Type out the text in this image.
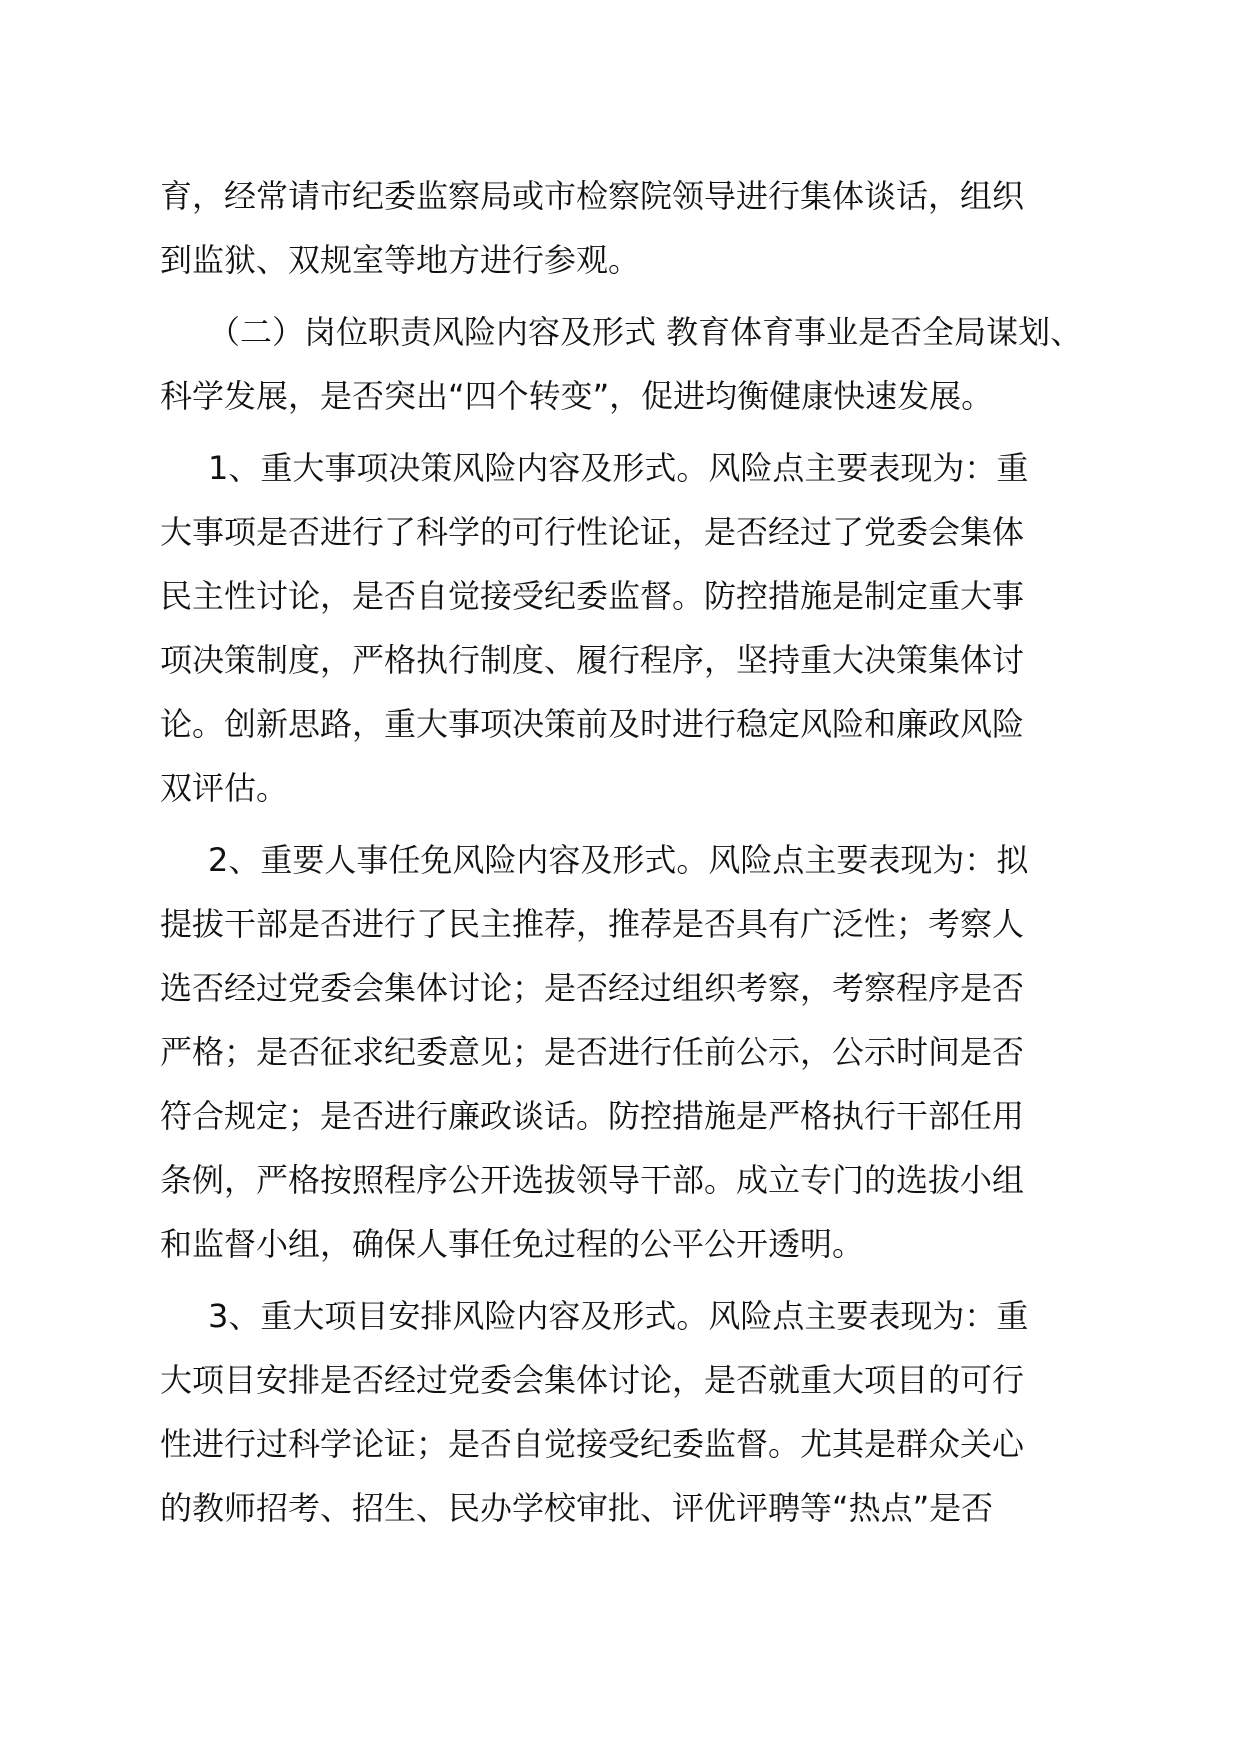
育，经常请市纪委监察局或市检察院领导进行集体谈话，组织
到监狱、双规室等地方进行参观。

（二）岗位职责风险内容及形式 教育体育事业是否全局谋划、
科学发展，是否突出“四个转变”，促进均衡健康快速发展。

1、重大事项决策风险内容及形式。风险点主要表现为：重
大事项是否进行了科学的可行性论证，是否经过了党委会集体
民主性讨论，是否自觉接受纪委监督。防控措施是制定重大事
项决策制度，严格执行制度、履行程序，坚持重大决策集体讨
论。创新思路，重大事项决策前及时进行稳定风险和廉政风险
双评估。

2、重要人事任免风险内容及形式。风险点主要表现为：拟
提拔干部是否进行了民主推荐，推荐是否具有广泛性；考察人
选否经过党委会集体讨论；是否经过组织考察，考察程序是否
严格；是否征求纪委意见；是否进行任前公示，公示时间是否
符合规定；是否进行廉政谈话。防控措施是严格执行干部任用
条例，严格按照程序公开选拔领导干部。成立专门的选拔小组
和监督小组，确保人事任免过程的公平公开透明。

3、重大项目安排风险内容及形式。风险点主要表现为：重
大项目安排是否经过党委会集体讨论，是否就重大项目的可行
性进行过科学论证；是否自觉接受纪委监督。尤其是群众关心
的教师招考、招生、民办学校审批、评优评聘等“热点”是否
